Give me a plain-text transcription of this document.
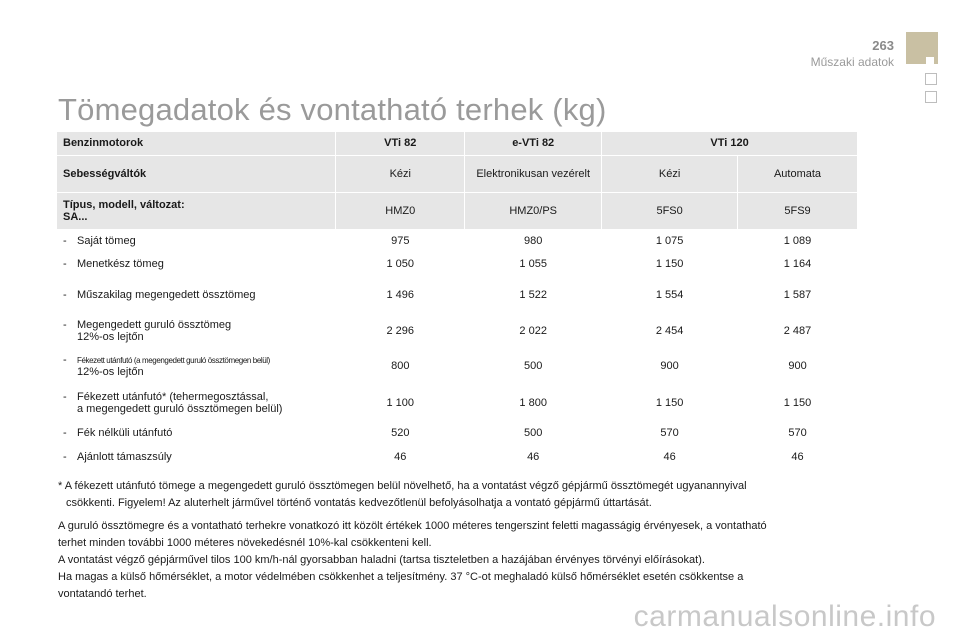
263
Műszaki adatok
Tömegadatok és vontatható terhek (kg)
Benzinmotorok	VTi 82	e-VTi 82	VTi 120	
Sebességváltók	Kézi	Elektronikusan vezérelt	Kézi	Automata

Típus, modell, változat:
SA...	HMZ0	HMZ0/PS	5FS0	5FS9
- Saját tömeg	975	980	1 075	1 089
- Menetkész tömeg	1 050	1 055	1 150	1 164
- Műszakilag megengedett össztömeg	1 496	1 522	1 554	1 587
- Megengedett guruló össztömeg
12%-os lejtőn	2 296	2 022	2 454	2 487
- Fékezett utánfutó (a megengedett guruló össztömegen belül)
12%-os lejtőn	800	500	900	900
- Fékezett utánfutó* (tehermegosztással,
a megengedett guruló össztömegen belül)	1 100	1 800	1 150	1 150
- Fék nélküli utánfutó	520	500	570	570
- Ajánlott támaszsúly	46	46	46	46

* A fékezett utánfutó tömege a megengedett guruló össztömegen belül növelhető, ha a vontatást végző gépjármű össztömegét ugyanannyival
csökkenti. Figyelem! Az aluterhelt járművel történő vontatás kedvezőtlenül befolyásolhatja a vontató gépjármű úttartását.

A guruló össztömegre és a vontatható terhekre vonatkozó itt közölt értékek 1000 méteres tengerszint feletti magasságig érvényesek, a vontatható
terhet minden további 1000 méteres növekedésnél 10%-kal csökkenteni kell.
A vontatást végző gépjárművel tilos 100 km/h-nál gyorsabban haladni (tartsa tiszteletben a hazájában érvényes törvényi előírásokat).
Ha magas a külső hőmérséklet, a motor védelmében csökkenhet a teljesítmény. 37 °C-ot meghaladó külső hőmérséklet esetén csökkentse a
vontatandó terhet.

carmanualsonline.info
